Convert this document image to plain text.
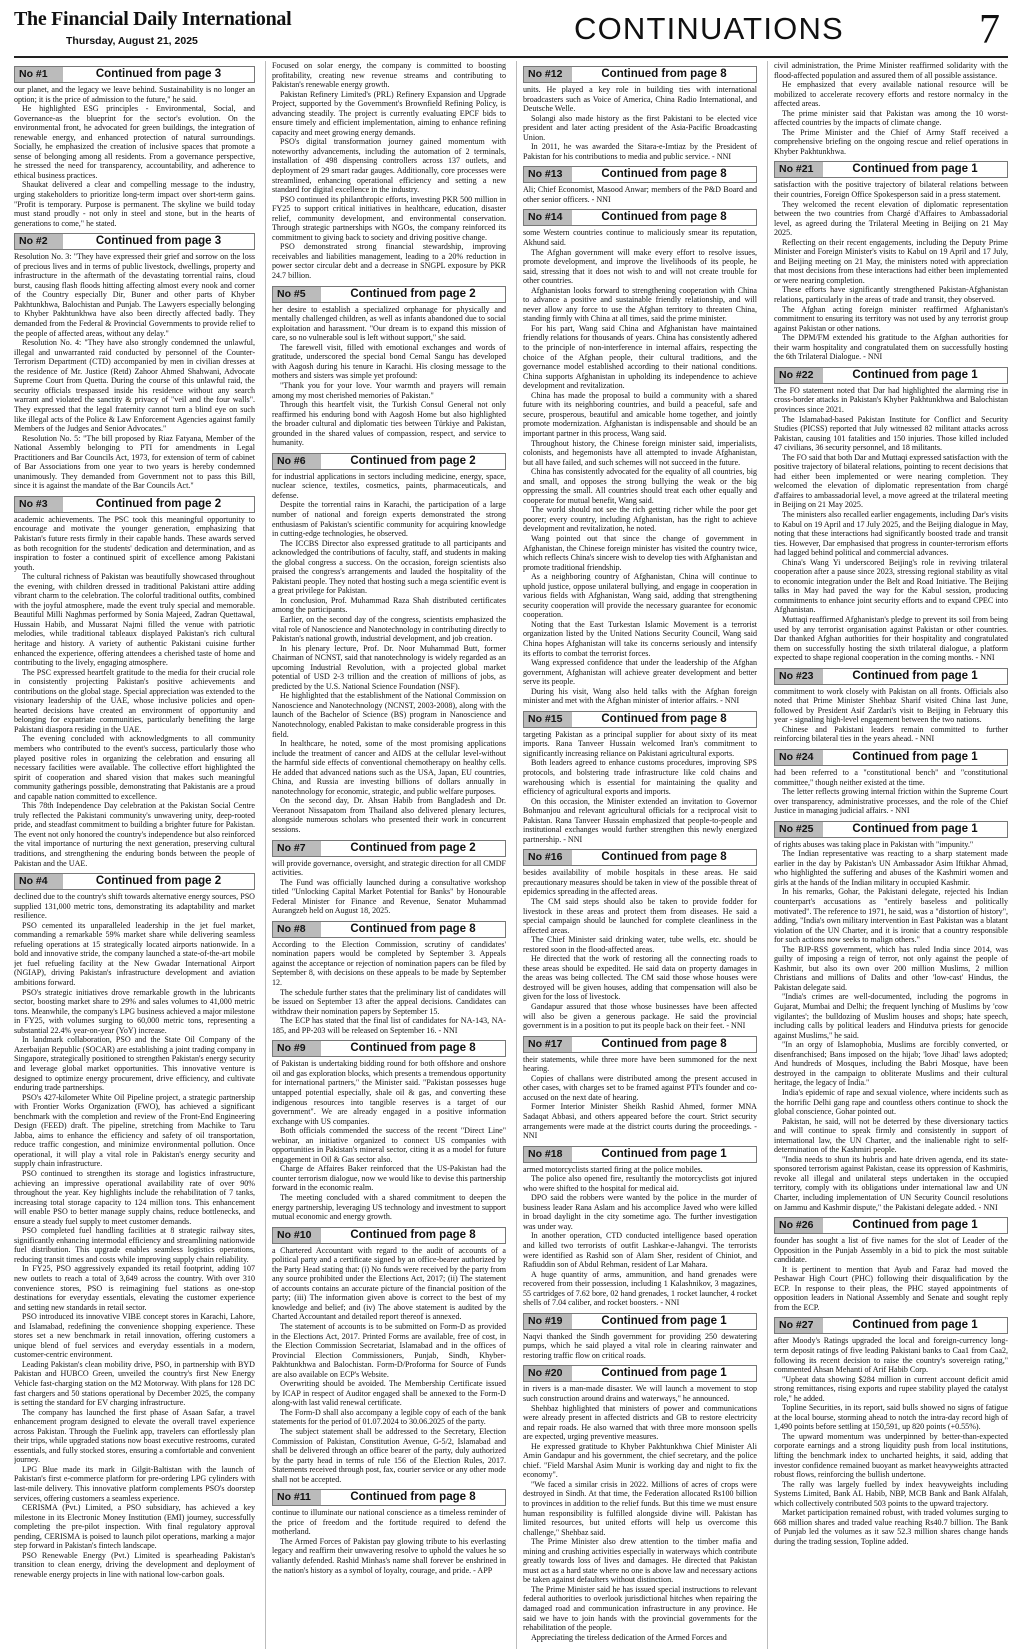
The Financial Daily International
Thursday, August 21, 2025	CONTINUATIONS	7
No #1	Continued from page 3
our planet, and the legacy we leave behind. Sustainability is no longer an option; it is the price of admission to the future," he said.
He highlighted ESG principles - Environmental, Social, and Governance-as the blueprint for the sector's evolution. On the environmental front, he advocated for green buildings, the integration of renewable energy, and enhanced protection of natural surroundings. Socially, he emphasized the creation of inclusive spaces that promote a sense of belonging among all residents. From a governance perspective, he stressed the need for transparency, accountability, and adherence to ethical business practices.
Shaukat delivered a clear and compelling message to the industry, urging stakeholders to prioritize long-term impact over short-term gains. "Profit is temporary. Purpose is permanent. The skyline we build today must stand proudly - not only in steel and stone, but in the hearts of generations to come," he stated.
No #2	Continued from page 3
Resolution No. 3: "They have expressed their grief and sorrow on the loss of precious lives and in terms of public livestock, dwellings, property and infrastructure in the aftermath of the devastating torrential rains, cloud burst, causing flash floods hitting affecting almost every nook and corner of the Country especially Dir, Buner and other parts of Khyber Pakhtunkhwa, Balochistan and Punjab. The Lawyers especially belonging to Khyber Pakhtunkhwa have also been directly affected badly. They demanded from the Federal & Provincial Governments to provide relief to the people of affected areas, without any delay."
Resolution No. 4: "They have also strongly condemned the unlawful, illegal and unwarranted raid conducted by personnel of the Counter-Terrorism Department (CTD) accompanied by men in civilian dresses at the residence of Mr. Justice (Retd) Zahoor Ahmed Shahwani, Advocate Supreme Court from Quetta. During the course of this unlawful raid, the security officials trespassed inside his residence without any search warrant and violated the sanctity & privacy of "veil and the four walls". They expressed that the legal fraternity cannot turn a blind eye on such like illegal acts of the Police & Law Enforcement Agencies against family Members of the Judges and Senior Advocates."
Resolution No. 5: "The bill proposed by Riaz Fatyana, Member of the National Assembly belonging to PTI for amendments in Legal Practitioners and Bar Councils Act, 1973, for extension of term of cabinet of Bar Associations from one year to two years is hereby condemned unanimously. They demanded from Government not to pass this Bill, since it is against the mandate of the Bar Councils Act."
No #3	Continued from page 2
academic achievements. The PSC took this meaningful opportunity to encourage and motivate the younger generation, emphasizing that Pakistan's future rests firmly in their capable hands. These awards served as both recognition for the students' dedication and determination, and as inspiration to foster a continued spirit of excellence among Pakistani youth.
The cultural richness of Pakistan was beautifully showcased throughout the evening, with children dressed in traditional Pakistani attire adding vibrant charm to the celebration. The colorful traditional outfits, combined with the joyful atmosphere, made the event truly special and memorable. Beautiful Milli Naghmas performed by Sonia Majeed, Zadran Quettawal, Hussain Habib, and Mussarat Najmi filled the venue with patriotic melodies, while traditional tableaux displayed Pakistan's rich cultural heritage and history. A variety of authentic Pakistani cuisine further enhanced the experience, offering attendees a cherished taste of home and contributing to the lively, engaging atmosphere.
The PSC expressed heartfelt gratitude to the media for their crucial role in consistently projecting Pakistan's positive achievements and contributions on the global stage. Special appreciation was extended to the visionary leadership of the UAE, whose inclusive policies and open-hearted decisions have created an environment of opportunity and belonging for expatriate communities, particularly benefiting the large Pakistani diaspora residing in the UAE.
The evening concluded with acknowledgments to all community members who contributed to the event's success, particularly those who played positive roles in organizing the celebration and ensuring all necessary facilities were available. The collective effort highlighted the spirit of cooperation and shared vision that makes such meaningful community gatherings possible, demonstrating that Pakistanis are a proud and capable nation committed to excellence.
This 78th Independence Day celebration at the Pakistan Social Centre truly reflected the Pakistani community's unwavering unity, deep-rooted pride, and steadfast commitment to building a brighter future for Pakistan. The event not only honored the country's independence but also reinforced the vital importance of nurturing the next generation, preserving cultural traditions, and strengthening the enduring bonds between the people of Pakistan and the UAE.
No #4	Continued from page 2
declined due to the country's shift towards alternative energy sources, PSO supplied 131,000 metric tons, demonstrating its adaptability and market resilience.
PSO cemented its unparalleled leadership in the jet fuel market, commanding a remarkable 59% market share while delivering seamless refueling operations at 15 strategically located airports nationwide. In a bold and innovative stride, the company launched a state-of-the-art mobile jet fuel refueling facility at the New Gwadar International Airport (NGIAP), driving Pakistan's infrastructure development and aviation ambitions forward.
PSO's strategic initiatives drove remarkable growth in the lubricants sector, boosting market share to 29% and sales volumes to 41,000 metric tons. Meanwhile, the company's LPG business achieved a major milestone in FY25, with volumes surging to 60,000 metric tons, representing a substantial 22.4% year-on-year (YoY) increase.
In landmark collaboration, PSO and the State Oil Company of the Azerbaijan Republic (SOCAR) are establishing a joint trading company in Singapore, strategically positioned to strengthen Pakistan's energy security and leverage global market opportunities. This innovative venture is designed to optimize energy procurement, drive efficiency, and cultivate enduring trade partnerships.
PSO's 427-kilometer White Oil Pipeline project, a strategic partnership with Frontier Works Organization (FWO), has achieved a significant benchmark with the completion and review of the Front-End Engineering Design (FEED) draft. The pipeline, stretching from Machike to Taru Jabba, aims to enhance the efficiency and safety of oil transportation, reduce traffic congestion, and minimize environmental pollution. Once operational, it will play a vital role in Pakistan's energy security and supply chain infrastructure.
PSO continued to strengthen its storage and logistics infrastructure, achieving an impressive operational availability rate of over 90% throughout the year. Key highlights include the rehabilitation of 7 tanks, increasing total storage capacity to 124 million tons. This enhancement will enable PSO to better manage supply chains, reduce bottlenecks, and ensure a steady fuel supply to meet customer demands.
PSO completed fuel handling facilities at 8 strategic railway sites, significantly enhancing intermodal efficiency and streamlining nationwide fuel distribution. This upgrade enables seamless logistics operations, reducing transit times and costs while improving supply chain reliability.
In FY25, PSO aggressively expanded its retail footprint, adding 107 new outlets to reach a total of 3,649 across the country. With over 310 convenience stores, PSO is reimagining fuel stations as one-stop destinations for everyday essentials, elevating the customer experience and setting new standards in retail sector.
PSO introduced its innovative VIBE concept stores in Karachi, Lahore, and Islamabad, redefining the convenience shopping experience. These stores set a new benchmark in retail innovation, offering customers a unique blend of fuel services and everyday essentials in a modern, customer-centric environment.
Leading Pakistan's clean mobility drive, PSO, in partnership with BYD Pakistan and HUBCO Green, unveiled the country's first New Energy Vehicle fast-charging station on the M2 Motorway. With plans for 128 DC fast chargers and 50 stations operational by December 2025, the company is setting the standard for EV charging infrastructure.
The company has launched the first phase of Asaan Safar, a travel enhancement program designed to elevate the overall travel experience across Pakistan. Through the Fuelink app, travelers can effortlessly plan their trips, while upgraded stations now boast executive restrooms, curated essentials, and fully stocked stores, ensuring a comfortable and convenient journey.
LPG Blue made its mark in Gilgit-Baltistan with the launch of Pakistan's first e-commerce platform for pre-ordering LPG cylinders with last-mile delivery. This innovative platform complements PSO's doorstep services, offering customers a seamless experience.
CERISMA (Pvt.) Limited, a PSO subsidiary, has achieved a key milestone in its Electronic Money Institution (EMI) journey, successfully completing the pre-pilot inspection. With final regulatory approval pending, CERISMA is poised to launch pilot operations, marking a major step forward in Pakistan's fintech landscape.
PSO Renewable Energy (Pvt.) Limited is spearheading Pakistan's transition to clean energy, driving the development and deployment of renewable energy projects in line with national low-carbon goals.
Focused on solar energy, the company is committed to boosting profitability, creating new revenue streams and contributing to Pakistan's renewable energy growth.
Pakistan Refinery Limited's (PRL) Refinery Expansion and Upgrade Project, supported by the Government's Brownfield Refining Policy, is advancing steadily. The project is currently evaluating EPCF bids to ensure timely and efficient implementation, aiming to enhance refining capacity and meet growing energy demands.
PSO's digital transformation journey gained momentum with noteworthy advancements, including the automation of 2 terminals, installation of 498 dispensing controllers across 137 outlets, and deployment of 29 smart radar gauges. Additionally, core processes were streamlined, enhancing operational efficiency and setting a new standard for digital excellence in the industry.
PSO continued its philanthropic efforts, investing PKR 500 million in FY25 to support critical initiatives in healthcare, education, disaster relief, community development, and environmental conservation. Through strategic partnerships with NGOs, the company reinforced its commitment to giving back to society and driving positive change.
PSO demonstrated strong financial stewardship, improving receivables and liabilities management, leading to a 20% reduction in power sector circular debt and a decrease in SNGPL exposure by PKR 24.7 billion.
No #5	Continued from page 2
her desire to establish a specialized orphanage for physically and mentally challenged children, as well as infants abandoned due to social exploitation and harassment. "Our dream is to expand this mission of care, so no vulnerable soul is left without support," she said.
The farewell visit, filled with emotional exchanges and words of gratitude, underscored the special bond Cemal Sangu has developed with Aagosh during his tenure in Karachi. His closing message to the mothers and sisters was simple yet profound:
"Thank you for your love. Your warmth and prayers will remain among my most cherished memories of Pakistan."
Through this heartfelt visit, the Turkish Consul General not only reaffirmed his enduring bond with Aagosh Home but also highlighted the broader cultural and diplomatic ties between Türkiye and Pakistan, grounded in the shared values of compassion, respect, and service to humanity.
No #6	Continued from page 2
for industrial applications in sectors including medicine, energy, space, nuclear science, textiles, cosmetics, paints, pharmaceuticals, and defense.
Despite the torrential rains in Karachi, the participation of a large number of national and foreign experts demonstrated the strong enthusiasm of Pakistan's scientific community for acquiring knowledge in cutting-edge technologies, he observed.
The ICCBS Director also expressed gratitude to all participants and acknowledged the contributions of faculty, staff, and students in making the global congress a success. On the occasion, foreign scientists also praised the congress's arrangements and lauded the hospitality of the Pakistani people. They noted that hosting such a mega scientific event is a great privilege for Pakistan.
In conclusion, Prof. Muhammad Raza Shah distributed certificates among the participants.
Earlier, on the second day of the congress, scientists emphasized the vital role of Nanoscience and Nanotechnology in contributing directly to Pakistan's national growth, industrial development, and job creation.
In his plenary lecture, Prof. Dr. Noor Muhammad Butt, former Chairman of NCNST, said that nanotechnology is widely regarded as an upcoming Industrial Revolution, with a projected global market potential of USD 2-3 trillion and the creation of millions of jobs, as predicted by the U.S. National Science Foundation (NSF).
He highlighted that the establishment of the National Commission on Nanoscience and Nanotechnology (NCNST, 2003-2008), along with the launch of the Bachelor of Science (BS) program in Nanoscience and Nanotechnology, enabled Pakistan to make considerable progress in this field.
In healthcare, he noted, some of the most promising applications include the treatment of cancer and AIDS at the cellular level-without the harmful side effects of conventional chemotherapy on healthy cells. He added that advanced nations such as the USA, Japan, EU countries, China, and Russia are investing billions of dollars annually in nanotechnology for economic, strategic, and public welfare purposes.
On the second day, Dr. Ahsan Habib from Bangladesh and Dr. Veeranoot Nissapatom from Thailand also delivered plenary lectures, alongside numerous scholars who presented their work in concurrent sessions.
No #7	Continued from page 2
will provide governance, oversight, and strategic direction for all CMDF activities.
The Fund was officially launched during a consultative workshop titled "Unlocking Capital Market Potential for Banks" by Honourable Federal Minister for Finance and Revenue, Senator Muhammad Aurangzeb held on August 18, 2025.
No #8	Continued from page 8
According to the Election Commission, scrutiny of candidates' nomination papers would be completed by September 3. Appeals against the acceptance or rejection of nomination papers can be filed by September 8, with decisions on these appeals to be made by September 12.
The schedule further states that the preliminary list of candidates will be issued on September 13 after the appeal decisions. Candidates can withdraw their nomination papers by September 15.
The ECP has stated that the final list of candidates for NA-143, NA-185, and PP-203 will be released on September 16. - NNI
No #9	Continued from page 8
of Pakistan is undertaking bidding round for both offshore and onshore oil and gas exploration blocks, which presents a tremendous opportunity for international partners," the Minister said. "Pakistan possesses huge untapped potential especially, shale oil & gas, and converting these indigenous resources into tangible reserves is a target of our government". We are already engaged in a positive information exchange with US companies.
Both officials commended the success of the recent "Direct Line" webinar, an initiative organized to connect US companies with opportunities in Pakistan's mineral sector, citing it as a model for future engagement in Oil & Gas sector also.
Charge de Affaires Baker reinforced that the US-Pakistan had the counter terrorism dialogue, now we would like to devise this partnership forward in the economic realm.
The meeting concluded with a shared commitment to deepen the energy partnership, leveraging US technology and investment to support mutual economic and energy growth.
No #10	Continued from page 8
a Chartered Accountant with regard to the audit of accounts of a political party and a certificate signed by an office-bearer authorized by the Party Head stating that: (i) No funds were received by the party from any source prohibited under the Elections Act, 2017; (ii) The statement of accounts contains an accurate picture of the financial position of the party; (iii) The information given above is correct to the best of my knowledge and belief; and (iv) The above statement is audited by the Charted Accountant and detailed report thereof is annexed.
The statement of accounts is to be submitted on Form-D as provided in the Elections Act, 2017. Printed Forms are available, free of cost, in the Election Commission Secretariat, Islamabad and in the offices of Provincial Election Commissioners, Punjab, Sindh, Khyber-Pakhtunkhwa and Balochistan. Form-D/Proforma for Source of Funds are also available on ECP's Website.
Overwriting should be avoided. The Membership Certificate issued by ICAP in respect of Auditor engaged shall be annexed to the Form-D along-with last valid renewal certificate.
The Form-D shall also accompany a legible copy of each of the bank statements for the period of 01.07.2024 to 30.06.2025 of the party.
The subject statement shall be addressed to the Secretary, Election Commission of Pakistan, Constitution Avenue, G-5/2, Islamabad and shall be delivered through an office bearer of the party, duly authorized by the party head in terms of rule 156 of the Election Rules, 2017. Statements received through post, fax, courier service or any other mode shall not be accepted.
No #11	Continued from page 8
continue to illuminate our national conscience as a timeless reminder of the price of freedom and the fortitude required to defend the motherland.
The Armed Forces of Pakistan pay glowing tribute to his everlasting legacy and reaffirm their unwavering resolve to uphold the values he so valiantly defended. Rashid Minhas's name shall forever be enshrined in the nation's history as a symbol of loyalty, courage, and pride. - APP
No #12	Continued from page 8
units. He played a key role in building ties with international broadcasters such as Voice of America, China Radio International, and Deutsche Welle.
Solangi also made history as the first Pakistani to be elected vice president and later acting president of the Asia-Pacific Broadcasting Union.
In 2011, he was awarded the Sitara-e-Imtiaz by the President of Pakistan for his contributions to media and public service. - NNI
No #13	Continued from page 8
Ali; Chief Economist, Masood Anwar; members of the P&D Board and other senior officers. - NNI
No #14	Continued from page 8
some Western countries continue to maliciously smear its reputation, Akhund said.
The Afghan government will make every effort to resolve issues, promote development, and improve the livelihoods of its people, he said, stressing that it does not wish to and will not create trouble for other countries.
Afghanistan looks forward to strengthening cooperation with China to advance a positive and sustainable friendly relationship, and will never allow any force to use the Afghan territory to threaten China, standing firmly with China at all times, said the prime minister.
For his part, Wang said China and Afghanistan have maintained friendly relations for thousands of years. China has consistently adhered to the principle of non-interference in internal affairs, respecting the choice of the Afghan people, their cultural traditions, and the governance model established according to their national conditions. China supports Afghanistan in upholding its independence to achieve development and revitalization.
China has made the proposal to build a community with a shared future with its neighboring countries, and build a peaceful, safe and secure, prosperous, beautiful and amicable home together, and jointly promote modernization. Afghanistan is indispensable and should be an important partner in this process, Wang said.
Throughout history, the Chinese foreign minister said, imperialists, colonists, and hegemonists have all attempted to invade Afghanistan, but all have failed, and such schemes will not succeed in the future.
China has consistently advocated for the equality of all countries, big and small, and opposes the strong bullying the weak or the big oppressing the small. All countries should treat each other equally and cooperate for mutual benefit, Wang said.
The world should not see the rich getting richer while the poor get poorer; every country, including Afghanistan, has the right to achieve development and revitalization, he noted.
Wang pointed out that since the change of government in Afghanistan, the Chinese foreign minister has visited the country twice, which reflects China's sincere wish to develop ties with Afghanistan and promote traditional friendship.
As a neighboring country of Afghanistan, China will continue to uphold justice, oppose unilateral bullying, and engage in cooperation in various fields with Afghanistan, Wang said, adding that strengthening security cooperation will provide the necessary guarantee for economic cooperation.
Noting that the East Turkestan Islamic Movement is a terrorist organization listed by the United Nations Security Council, Wang said China hopes Afghanistan will take its concerns seriously and intensify its efforts to combat the terrorist forces.
Wang expressed confidence that under the leadership of the Afghan government, Afghanistan will achieve greater development and better serve its people.
During his visit, Wang also held talks with the Afghan foreign minister and met with the Afghan minister of interior affairs. - NNI
No #15	Continued from page 8
targeting Pakistan as a principal supplier for about sixty of its meat imports. Rana Tanveer Hussain welcomed Iran's commitment to significantly increasing reliance on Pakistani agricultural exports.
Both leaders agreed to enhance customs procedures, improving SPS protocols, and bolstering trade infrastructure like cold chains and warehousing which is essential for maintaining the quality and efficiency of agricultural exports and imports.
On this occasion, the Minister extended an invitation to Governor Bohmanjou and relevant agricultural officials for a reciprocal visit to Pakistan. Rana Tanveer Hussain emphasized that people-to-people and institutional exchanges would further strengthen this newly energized partnership. - NNI
No #16	Continued from page 8
besides availability of mobile hospitals in these areas. He said precautionary measures should be taken in view of the possible threat of epidemics spreading in the affected areas.
The CM said steps should also be taken to provide fodder for livestock in these areas and protect them from diseases. He said a special campaign should be launched for complete cleanliness in the affected areas.
The Chief Minister said drinking water, tube wells, etc. should be restored soon in the flood-affected areas.
He directed that the work of restoring all the connecting roads to these areas should be expedited. He said data on property damages in the areas was being collected. The CM said those whose houses were destroyed will be given houses, adding that compensation will also be given for the loss of livestock.
Gandapur assured that those whose businesses have been affected will also be given a generous package. He said the provincial government is in a position to put its people back on their feet. - NNI
No #17	Continued from page 8
their statements, while three more have been summoned for the next hearing.
Copies of challans were distributed among the present accused in other cases, with charges set to be framed against PTI's founder and co-accused on the next date of hearing.
Former Interior Minister Sheikh Rashid Ahmed, former MNA Sadaqat Abbasi, and others appeared before the court. Strict security arrangements were made at the district courts during the proceedings. - NNI
No #18	Continued from page 1
armed motorcyclists started firing at the police mobiles.
The police also opened fire, resultantly the motorcyclists got injured who were shifted to the hospital for medical aid.
DPO said the robbers were wanted by the police in the murder of business leader Rana Aslam and his accomplice Javed who were killed in broad daylight in the city sometime ago. The further investigation was under way.
In another operation, CTD conducted intelligence based operation and killed two terrorists of outfit Lashkar-e-Jahangvi. The terrorists were identified as Rashid son of Alam Sher, resident of Chiniot, and Rafiuddin son of Abdul Rehman, resident of Lar Mahara.
A huge quantity of arms, ammunition, and hand grenades were recovered from their possession, including 1 Kalashnikov, 3 magazines, 55 cartridges of 7.62 bore, 02 hand grenades, 1 rocket launcher, 4 rocket shells of 7.04 caliber, and rocket boosters. - NNI
No #19	Continued from page 1
Naqvi thanked the Sindh government for providing 250 dewatering pumps, which he said played a vital role in clearing rainwater and restoring traffic flow on critical roads.
No #20	Continued from page 1
in rivers is a man-made disaster. We will launch a movement to stop such construction around drains and waterways," he announced.
Shehbaz highlighted that ministers of power and communications were already present in affected districts and GB to restore electricity and repair roads. He also warned that with three more monsoon spells are expected, urging preventive measures.
He expressed gratitude to Khyber Pakhtunkhwa Chief Minister Ali Amin Gandapur and his government, the chief secretary, and the police chief. "Field Marshal Asim Munir is working day and night to fix the economy".
"We faced a similar crisis in 2022. Millions of acres of crops were destroyed in Sindh. At that time, the Federation allocated Rs100 billion to provinces in addition to the relief funds. But this time we must ensure human responsibility is fulfilled alongside divine will. Pakistan has limited resources, but united efforts will help us overcome this challenge," Shehbaz said.
The Prime Minister also drew attention to the timber mafia and mining and crushing activities especially in waterways which contribute greatly towards loss of lives and damages. He directed that Pakistan must act as a hard state where no one is above law and necessary actions be taken against defaulters without distinction.
The Prime Minister said he has issued special instructions to relevant federal authorities to overlook jurisdictional hitches when repairing the damaged road and communication infrastructure in any province. He said we have to join hands with the provincial governments for the rehabilitation of the people.
Appreciating the tireless dedication of the Armed Forces and
civil administration, the Prime Minister reaffirmed solidarity with the flood-affected population and assured them of all possible assistance.
He emphasized that every available national resource will be mobilized to accelerate recovery efforts and restore normalcy in the affected areas.
The prime minister said that Pakistan was among the 10 worst-affected countries by the impacts of climate change.
The Prime Minister and the Chief of Army Staff received a comprehensive briefing on the ongoing rescue and relief operations in Khyber Pakhtunkhwa.
No #21	Continued from page 1
satisfaction with the positive trajectory of bilateral relations between their countries, Foreign Office Spokesperson said in a press statement.
They welcomed the recent elevation of diplomatic representation between the two countries from Chargé d'Affaires to Ambassadorial level, as agreed during the Trilateral Meeting in Beijing on 21 May 2025.
Reflecting on their recent engagements, including the Deputy Prime Minister and Foreign Minister's visits to Kabul on 19 April and 17 July, and Beijing meeting on 21 May, the ministers noted with appreciation that most decisions from these interactions had either been implemented or were nearing completion.
These efforts have significantly strengthened Pakistan-Afghanistan relations, particularly in the areas of trade and transit, they observed.
The Afghan acting foreign minister reaffirmed Afghanistan's commitment to ensuring its territory was not used by any terrorist group against Pakistan or other nations.
The DPM/FM extended his gratitude to the Afghan authorities for their warm hospitality and congratulated them on successfully hosting the 6th Trilateral Dialogue. - NNI
No #22	Continued from page 1
The FO statement noted that Dar had highlighted the alarming rise in cross-border attacks in Pakistan's Khyber Pakhtunkhwa and Balochistan provinces since 2021.
The Islamabad-based Pakistan Institute for Conflict and Security Studies (PICSS) reported that July witnessed 82 militant attacks across Pakistan, causing 101 fatalities and 150 injuries. Those killed included 47 civilians, 36 security personnel, and 18 militants.
The FO said that both Dar and Muttaqi expressed satisfaction with the positive trajectory of bilateral relations, pointing to recent decisions that had either been implemented or were nearing completion. They welcomed the elevation of diplomatic representation from chargé d'affaires to ambassadorial level, a move agreed at the trilateral meeting in Beijing on 21 May 2025.
The ministers also recalled earlier engagements, including Dar's visits to Kabul on 19 April and 17 July 2025, and the Beijing dialogue in May, noting that these interactions had significantly boosted trade and transit ties. However, Dar emphasised that progress in counter-terrorism efforts had lagged behind political and commercial advances.
China's Wang Yi underscored Beijing's role in reviving trilateral cooperation after a pause since 2023, stressing regional stability as vital to economic integration under the Belt and Road Initiative. The Beijing talks in May had paved the way for the Kabul session, producing commitments to enhance joint security efforts and to expand CPEC into Afghanistan.
Muttaqi reaffirmed Afghanistan's pledge to prevent its soil from being used by any terrorist organisation against Pakistan or other countries. Dar thanked Afghan authorities for their hospitality and congratulated them on successfully hosting the sixth trilateral dialogue, a platform expected to shape regional cooperation in the coming months. - NNI
No #23	Continued from page 1
commitment to work closely with Pakistan on all fronts. Officials also noted that Prime Minister Shehbaz Sharif visited China last June, followed by President Asif Zardari's visit to Beijing in February this year - signaling high-level engagement between the two nations.
Chinese and Pakistani leaders remain committed to further reinforcing bilateral ties in the years ahead. - NNI
No #24	Continued from page 1
had been referred to a "constitutional bench" and "constitutional committee," though neither existed at the time.
The letter reflects growing internal friction within the Supreme Court over transparency, administrative processes, and the role of the Chief Justice in managing judicial affairs. - NNI
No #25	Continued from page 1
of rights abuses was taking place in Pakistan with "impunity."
The Indian representative was reacting to a sharp statement made earlier in the day by Pakistan's UN Ambassador Asim Iftikhar Ahmad, who highlighted the suffering and abuses of the Kashmiri women and girls at the hands of the Indian military in occupied Kashmir.
In his remarks, Gohar, the Pakistani delegate, rejected his Indian counterpart's accusations as "entirely baseless and politically motivated". The reference to 1971, he said, was a "distortion of history", adding, "India's own military intervention in East Pakistan was a blatant violation of the UN Charter, and it is ironic that a country responsible for such actions now seeks to malign others."
The BJP-RSS government, which has ruled India since 2014, was guilty of imposing a reign of terror, not only against the people of Kashmir, but also its own over 200 million Muslims, 2 million Christians and millions of Dalits and other 'low-cast' Hindus, the Pakistan delegate said.
"India's crimes are well-documented, including the pogroms in Gujarat, Mumbai and Delhi; the frequent lynching of Muslims by 'cow vigilantes'; the bulldozing of Muslim houses and shops; hate speech, including calls by political leaders and Hindutva priests for genocide against Muslims," he said.
"In an orgy of Islamophobia, Muslims are forcibly converted, or disenfranchised; Bans imposed on the hijab; 'love Jihad' laws adopted; And hundreds of Mosques, including the Babri Mosque, have been destroyed in the campaign to obliterate Muslims and their cultural heritage, the legacy of India."
India's epidemic of rape and sexual violence, where incidents such as the horrific Delhi gang rape and countless others continue to shock the global conscience, Gohar pointed out.
Pakistan, he said, will not be deterred by these diversionary tactics and will continue to speak firmly and consistently in support of international law, the UN Charter, and the inalienable right to self-determination of the Kashmiri people.
"India needs to shun its hubris and hate driven agenda, end its state-sponsored terrorism against Pakistan, cease its oppression of Kashmiris, revoke all illegal and unilateral steps undertaken in the occupied territory, comply with its obligations under international law and UN Charter, including implementation of UN Security Council resolutions on Jammu and Kashmir dispute," the Pakistani delegate added. - NNI
No #26	Continued from page 1
founder has sought a list of five names for the slot of Leader of the Opposition in the Punjab Assembly in a bid to pick the most suitable candidate.
It is pertinent to mention that Ayub and Faraz had moved the Peshawar High Court (PHC) following their disqualification by the ECP. In response to their pleas, the PHC stayed appointments of opposition leaders in National Assembly and Senate and sought reply from the ECP.
No #27	Continued from page 1
after Moody's Ratings upgraded the local and foreign-currency long-term deposit ratings of five leading Pakistani banks to Caa1 from Caa2, following its recent decision to raise the country's sovereign rating," commented Ahsan Mehanti of Arif Habib Corp.
"Upbeat data showing $284 million in current account deficit amid strong remittances, rising exports and rupee stability played the catalyst role," he added.
Topline Securities, in its report, said bulls showed no signs of fatigue at the local bourse, storming ahead to notch the intra-day record high of 1,490 points before settling at 150,591, up 820 points (+0.55%).
The upward momentum was underpinned by better-than-expected corporate earnings and a strong liquidity push from local institutions, lifting the benchmark index to uncharted heights, it said, adding that investor confidence remained buoyant as market heavyweights attracted robust flows, reinforcing the bullish undertone.
The rally was largely fuelled by index heavyweights including Systems Limited, Bank AL Habib, NBP, MCB Bank and Bank Alfalah, which collectively contributed 503 points to the upward trajectory.
Market participation remained robust, with traded volumes surging to 668 million shares and traded value reaching Rs40.7 billion. The Bank of Punjab led the volumes as it saw 52.3 million shares change hands during the trading session, Topline added.
